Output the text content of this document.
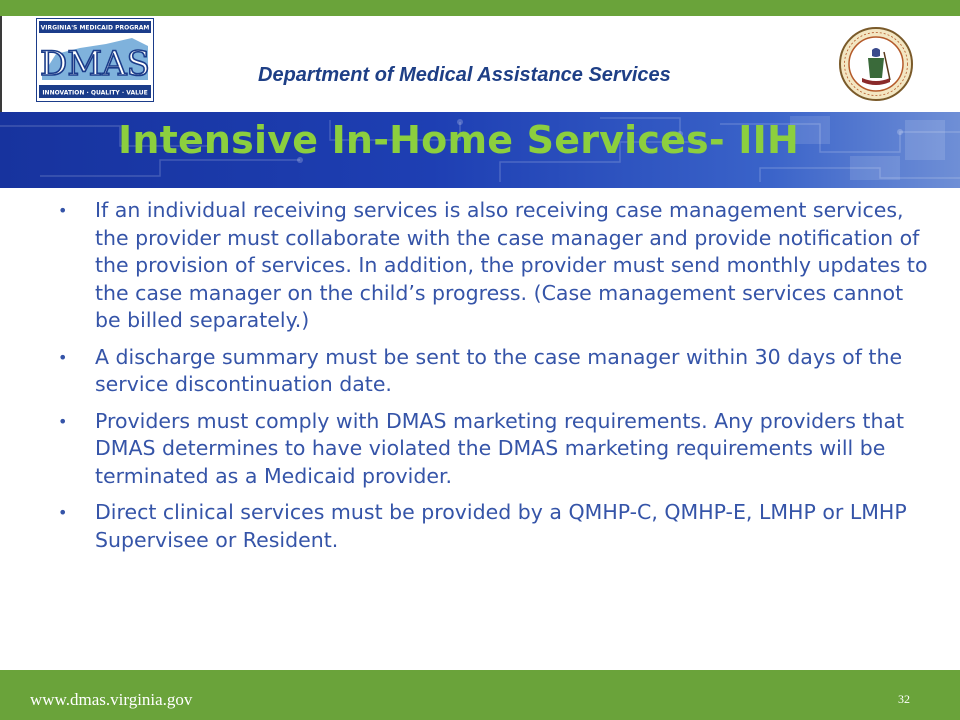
VIRGINIA'S MEDICAID PROGRAM
DMAS
INNOVATION · QUALITY · VALUE
Department of Medical Assistance Services
Intensive In-Home Services- IIH
•	If an individual receiving services is also receiving case management services, the provider must collaborate with the case manager and provide notification of the provision of services. In addition, the provider must send monthly updates to the case manager on the child’s progress. (Case management services cannot be billed separately.)
•	A discharge summary must be sent to the case manager within 30 days of the service discontinuation date.
•	Providers must comply with DMAS marketing requirements. Any providers that DMAS determines to have violated the DMAS marketing requirements will be terminated as a Medicaid provider.
•	Direct clinical services must be provided by a QMHP-C, QMHP-E, LMHP or LMHP Supervisee or Resident.
www.dmas.virginia.gov	32
